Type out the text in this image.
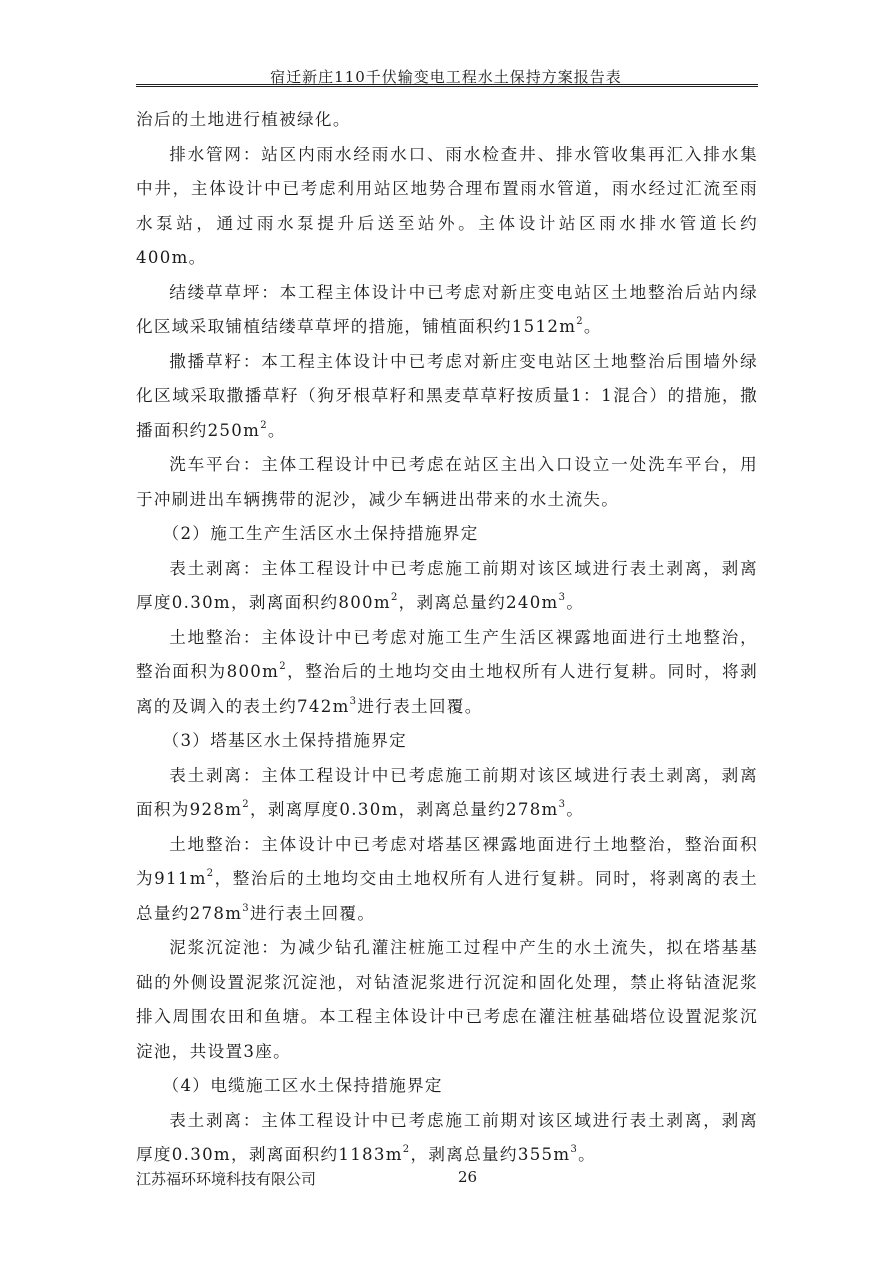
宿迁新庄110千伏输变电工程水土保持方案报告表

治后的土地进行植被绿化。

排水管网：站区内雨水经雨水口、雨水检查井、排水管收集再汇入排水集中井，主体设计中已考虑利用站区地势合理布置雨水管道，雨水经过汇流至雨水泵站，通过雨水泵提升后送至站外。主体设计站区雨水排水管道长约400m。

结缕草草坪：本工程主体设计中已考虑对新庄变电站区土地整治后站内绿化区域采取铺植结缕草草坪的措施，铺植面积约$1512m^2$。

撒播草籽：本工程主体设计中已考虑对新庄变电站区土地整治后围墙外绿化区域采取撒播草籽（狗牙根草籽和黑麦草草籽按质量1：1混合）的措施，撒播面积约$250m^2$。

洗车平台：主体工程设计中已考虑在站区主出入口设立一处洗车平台，用于冲刷进出车辆携带的泥沙，减少车辆进出带来的水土流失。

（2）施工生产生活区水土保持措施界定

表土剥离：主体工程设计中已考虑施工前期对该区域进行表土剥离，剥离厚度0.30m，剥离面积约$800m^2$，剥离总量约$240m^3$。

土地整治：主体设计中已考虑对施工生产生活区裸露地面进行土地整治，整治面积为$800m^2$，整治后的土地均交由土地权所有人进行复耕。同时，将剥离的及调入的表土约$742m^3$进行表土回覆。

（3）塔基区水土保持措施界定

表土剥离：主体工程设计中已考虑施工前期对该区域进行表土剥离，剥离面积为$928m^2$，剥离厚度0.30m，剥离总量约$278m^3$。

土地整治：主体设计中已考虑对塔基区裸露地面进行土地整治，整治面积为$911m^2$，整治后的土地均交由土地权所有人进行复耕。同时，将剥离的表土总量约$278m^3$进行表土回覆。

泥浆沉淀池：为减少钻孔灌注桩施工过程中产生的水土流失，拟在塔基基础的外侧设置泥浆沉淀池，对钻渣泥浆进行沉淀和固化处理，禁止将钻渣泥浆排入周围农田和鱼塘。本工程主体设计中已考虑在灌注桩基础塔位设置泥浆沉淀池，共设置3座。

（4）电缆施工区水土保持措施界定

表土剥离：主体工程设计中已考虑施工前期对该区域进行表土剥离，剥离厚度0.30m，剥离面积约$1183m^2$，剥离总量约$355m^3$。

江苏福环环境科技有限公司	26
